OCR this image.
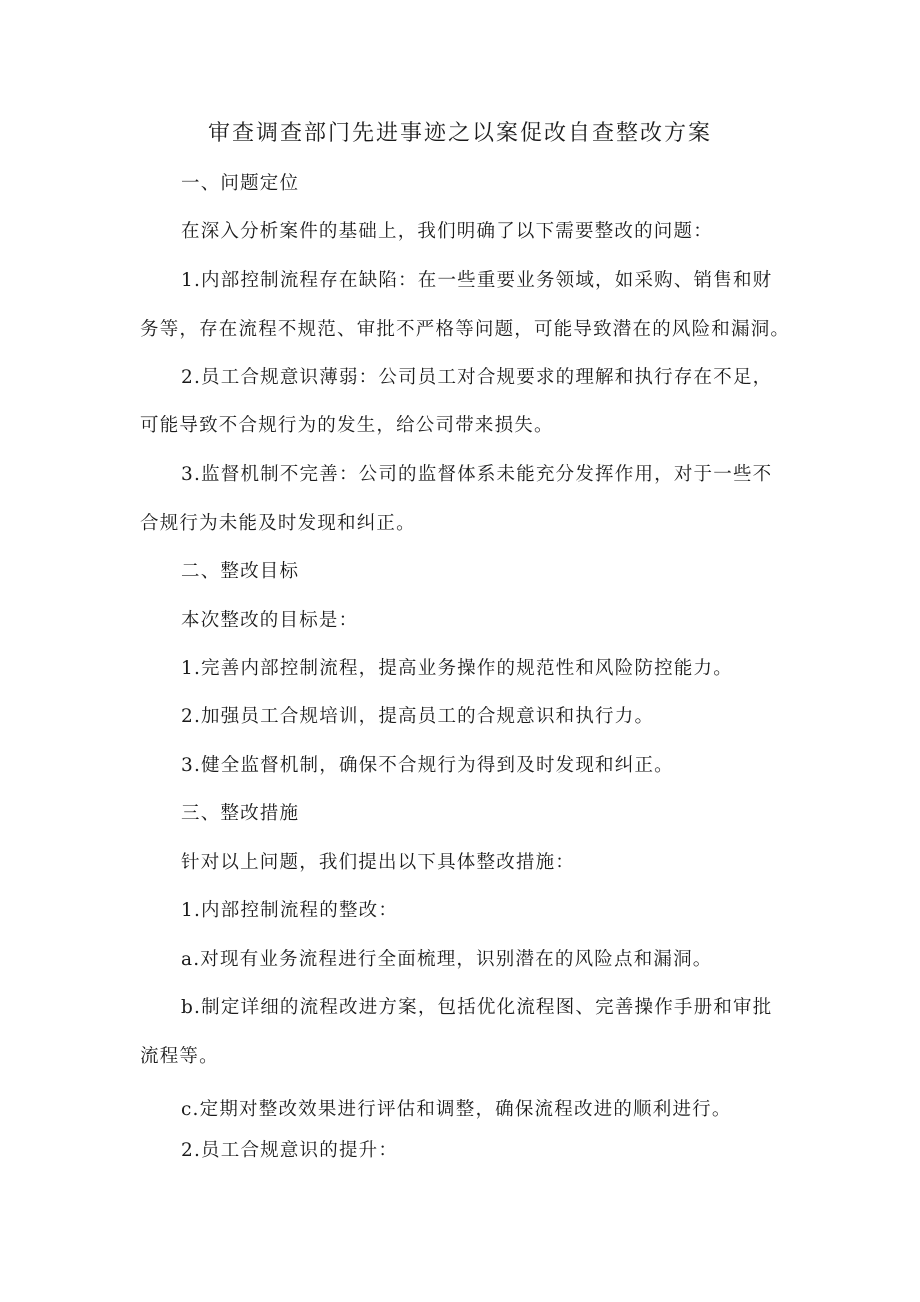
审查调查部门先进事迹之以案促改自查整改方案
一、问题定位
在深入分析案件的基础上，我们明确了以下需要整改的问题：
1.内部控制流程存在缺陷：在一些重要业务领域，如采购、销售和财
务等，存在流程不规范、审批不严格等问题，可能导致潜在的风险和漏洞。
2.员工合规意识薄弱：公司员工对合规要求的理解和执行存在不足，
可能导致不合规行为的发生，给公司带来损失。
3.监督机制不完善：公司的监督体系未能充分发挥作用，对于一些不
合规行为未能及时发现和纠正。
二、整改目标
本次整改的目标是：
1.完善内部控制流程，提高业务操作的规范性和风险防控能力。
2.加强员工合规培训，提高员工的合规意识和执行力。
3.健全监督机制，确保不合规行为得到及时发现和纠正。
三、整改措施
针对以上问题，我们提出以下具体整改措施：
1.内部控制流程的整改：
a.对现有业务流程进行全面梳理，识别潜在的风险点和漏洞。
b.制定详细的流程改进方案，包括优化流程图、完善操作手册和审批
流程等。
c.定期对整改效果进行评估和调整，确保流程改进的顺利进行。
2.员工合规意识的提升：
